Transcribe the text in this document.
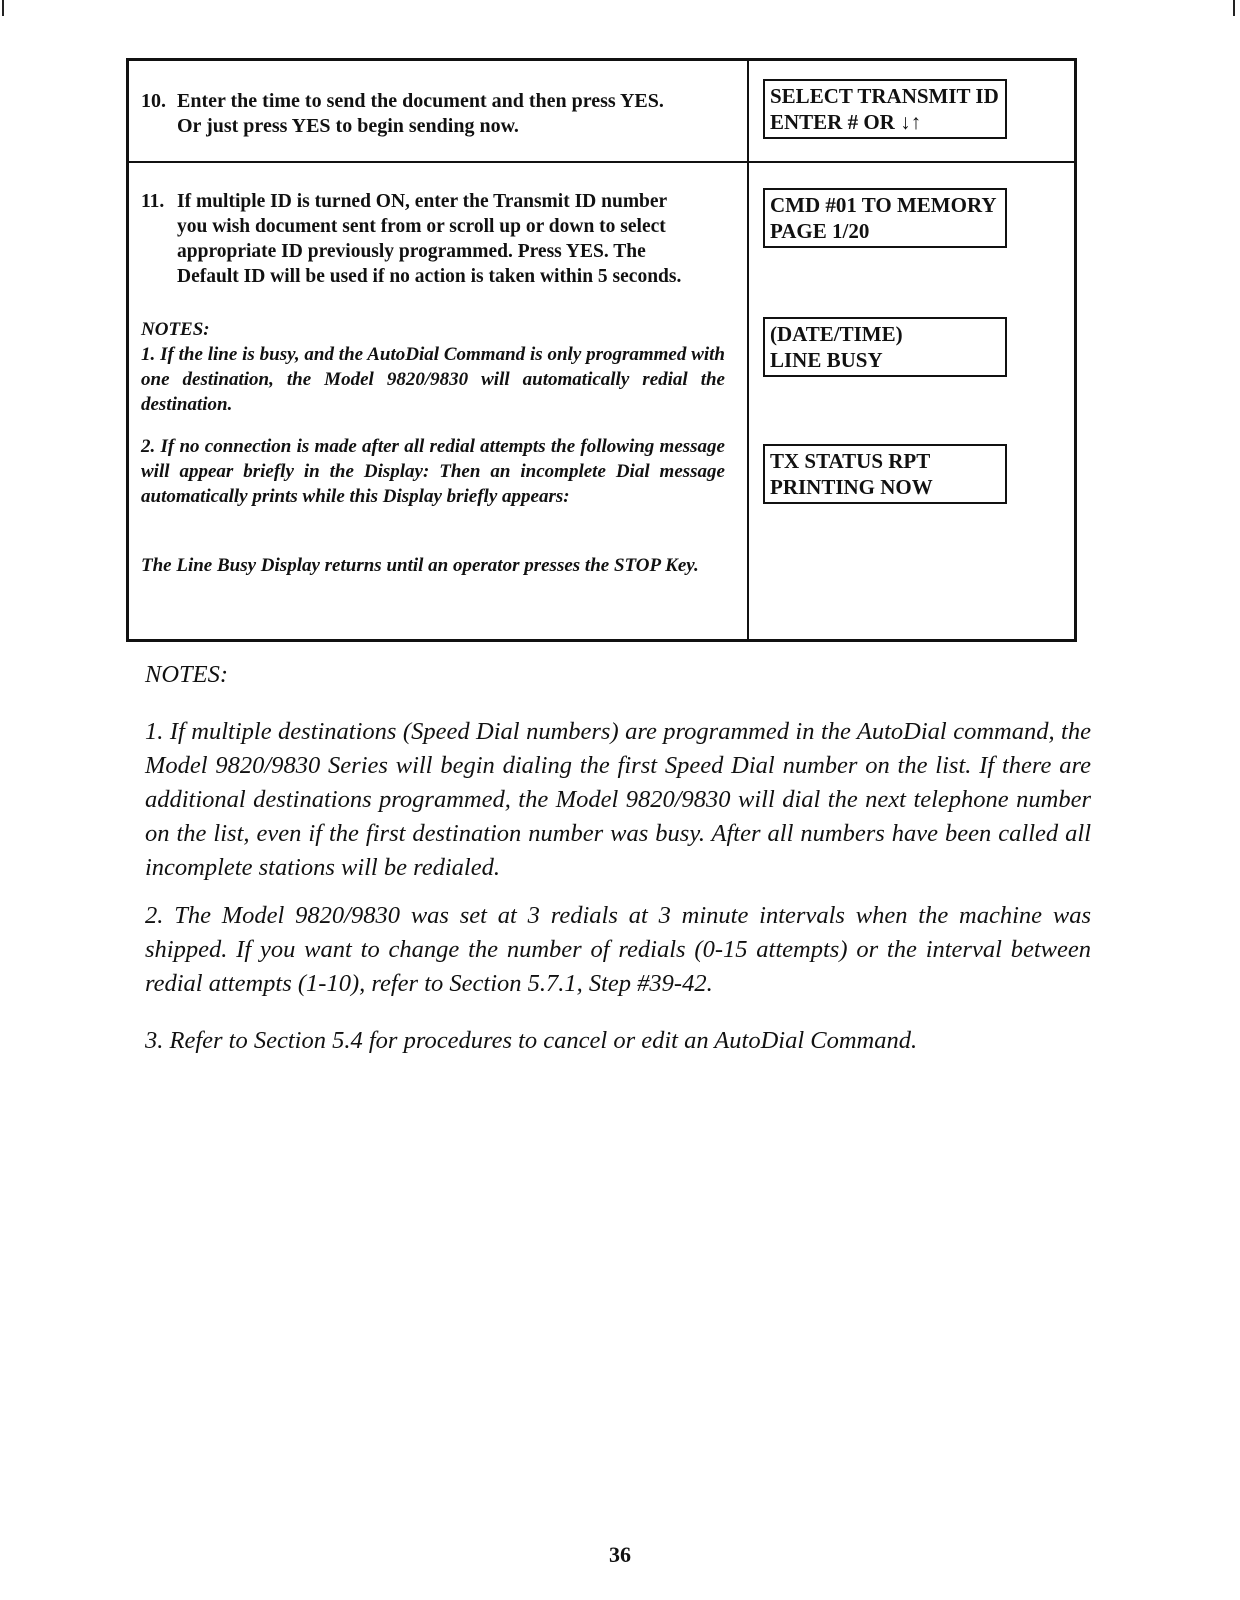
10. Enter the time to send the document and then press YES.
Or just press YES to begin sending now.
11. If multiple ID is turned ON, enter the Transmit ID number
you wish document sent from or scroll up or down to select
appropriate ID previously programmed. Press YES. The
Default ID will be used if no action is taken within 5 seconds.

NOTES:

1. If the line is busy, and the AutoDial Command is only programmed with one destination, the Model 9820/9830 will automatically redial the destination.

2. If no connection is made after all redial attempts the following message will appear briefly in the Display: Then an incomplete Dial message automatically prints while this Display briefly appears:

The Line Busy Display returns until an operator presses the STOP Key.

SELECT TRANSMIT ID
ENTER # OR ↓↑
CMD #01 TO MEMORY
PAGE 1/20
(DATE/TIME)
LINE BUSY
TX STATUS RPT
PRINTING NOW
NOTES:

1. If multiple destinations (Speed Dial numbers) are programmed in the AutoDial command, the Model 9820/9830 Series will begin dialing the first Speed Dial number on the list. If there are additional destinations programmed, the Model 9820/9830 will dial the next telephone number on the list, even if the first destination number was busy. After all numbers have been called all incomplete stations will be redialed.

2. The Model 9820/9830 was set at 3 redials at 3 minute intervals when the machine was shipped. If you want to change the number of redials (0-15 attempts) or the interval between redial attempts (1-10), refer to Section 5.7.1, Step #39-42.

3. Refer to Section 5.4 for procedures to cancel or edit an AutoDial Command.

36
